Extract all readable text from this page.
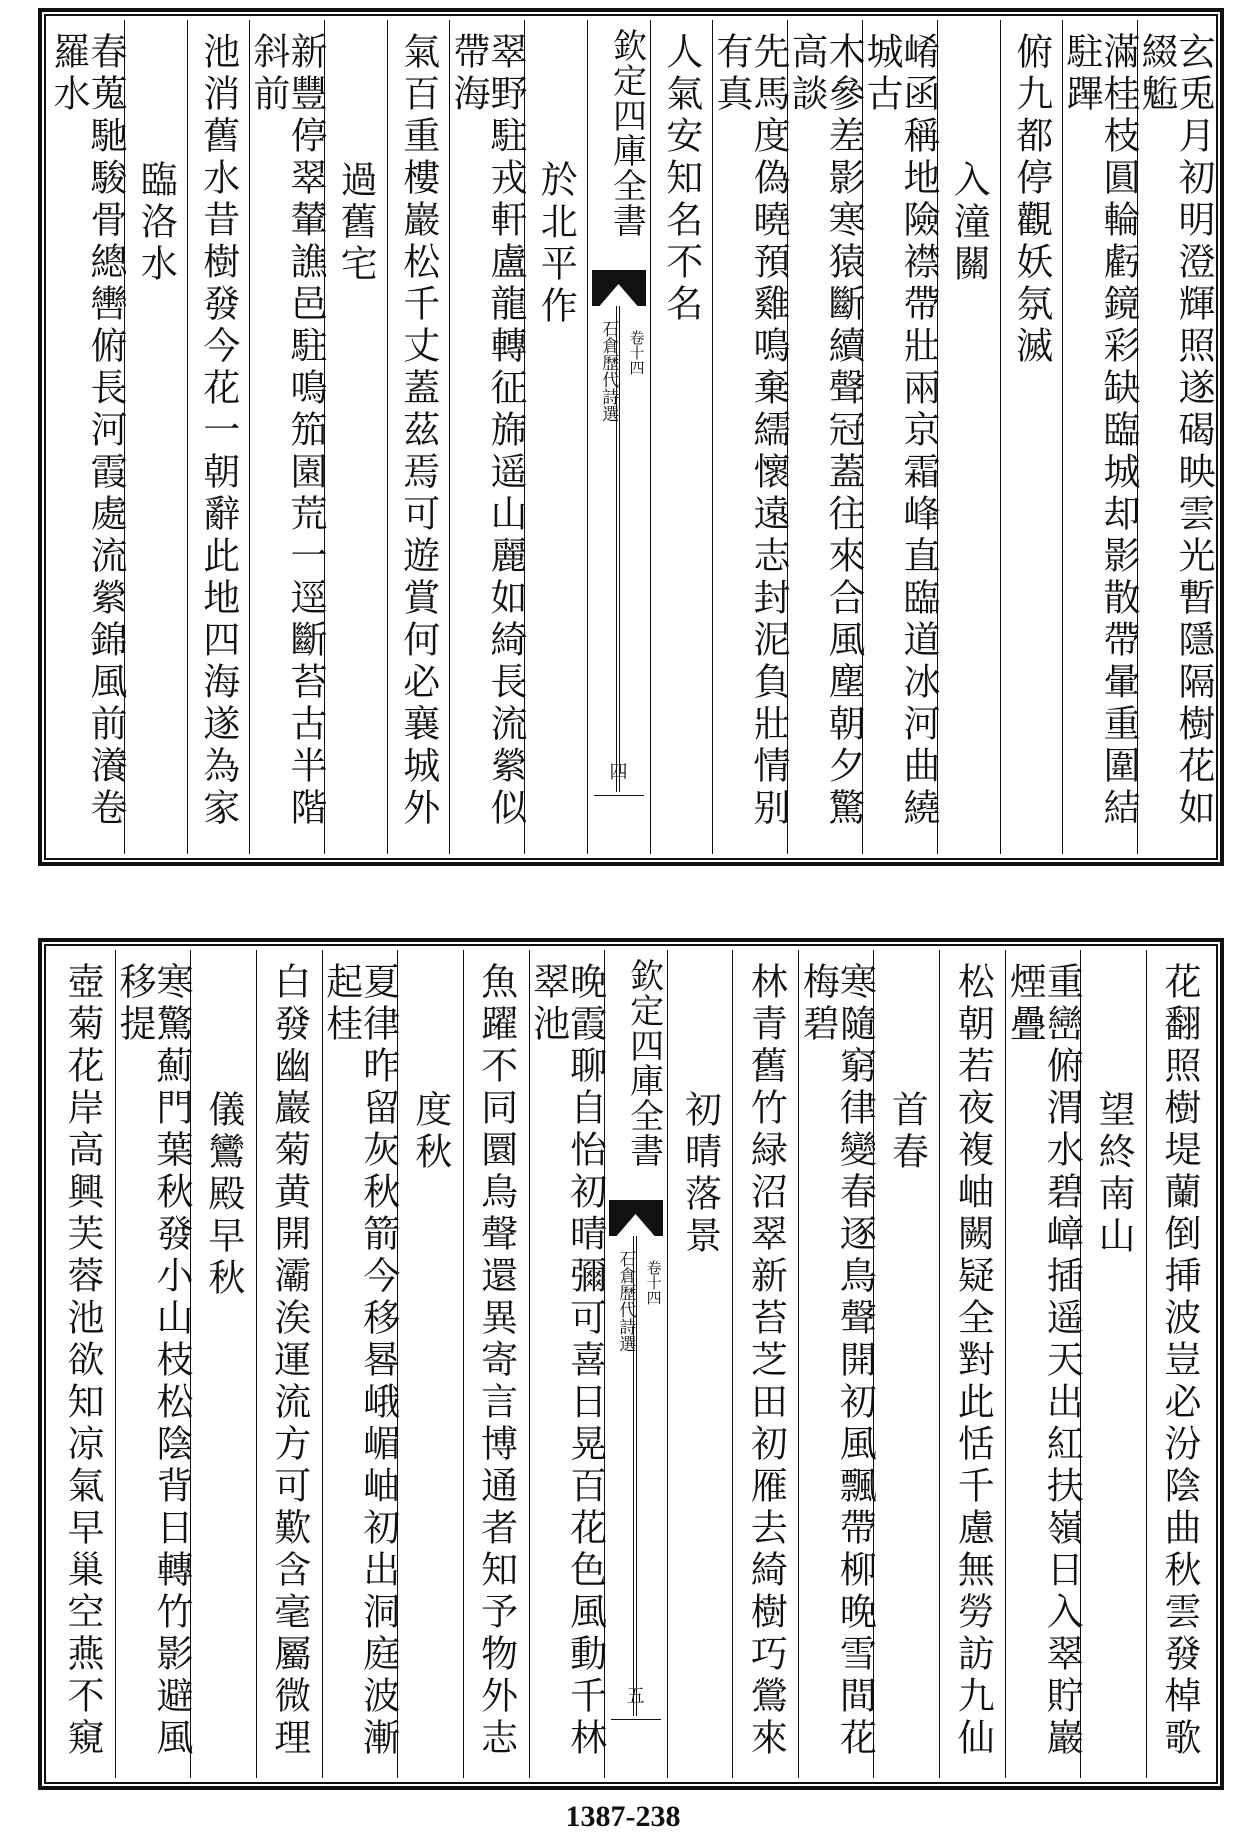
玄兎月初明澄輝照遂碣映雲光暫隱隔樹花如綴䰢
滿桂枝圓輪虧鏡彩缺臨城却影散帶暈重圍結駐蹕
俯九都停觀妖氛滅
入潼關
崤函稱地險襟帶壯兩京霜峰直臨道冰河曲繞城古
木參差影寒猿斷續聲冠蓋往來合風塵朝夕驚高談
先馬度偽曉預雞鳴棄繻懷遠志封泥負壯情别有真
人氣安知名不名
欽定四庫全書
石倉歷代詩選 卷十四
四
於北平作
翠野駐戎軒盧龍轉征旆遥山麗如綺長流縈似帶海
氣百重樓巖松千丈蓋茲焉可遊賞何必襄城外
過舊宅
新豐停翠輦譙邑駐鳴笳園荒一逕斷苔古半階斜前
池消舊水昔樹發今花一朝辭此地四海遂為家
臨洛水
春蒐馳駿骨總轡俯長河霞處流縈錦風前瀁卷羅水
花翻照樹堤蘭倒挿波豈必汾陰曲秋雲發棹歌
望終南山
重巒俯渭水碧嶂插遥天出紅扶嶺日入翠貯巖煙疊
松朝若夜複岫闕疑全對此恬千慮無勞訪九仙
首春
寒隨窮律變春逐鳥聲開初風飄帶柳晚雪間花梅碧
林青舊竹緑沼翠新苔芝田初雁去綺樹巧鶯來
初晴落景
欽定四庫全書
石倉歷代詩選 卷十四
五
晚霞聊自怡初晴彌可喜日晃百花色風動千林翠池
魚躍不同圜鳥聲還異寄言博通者知予物外志
度秋
夏律昨留灰秋箭今移晷峨嵋岫初出洞庭波漸起桂
白發幽巖菊黄開灞涘運流方可歎含毫屬微理
儀鸞殿早秋
寒驚薊門葉秋發小山枝松陰背日轉竹影避風移提
壺菊花岸高興芙蓉池欲知凉氣早巢空燕不窺
1387-238
